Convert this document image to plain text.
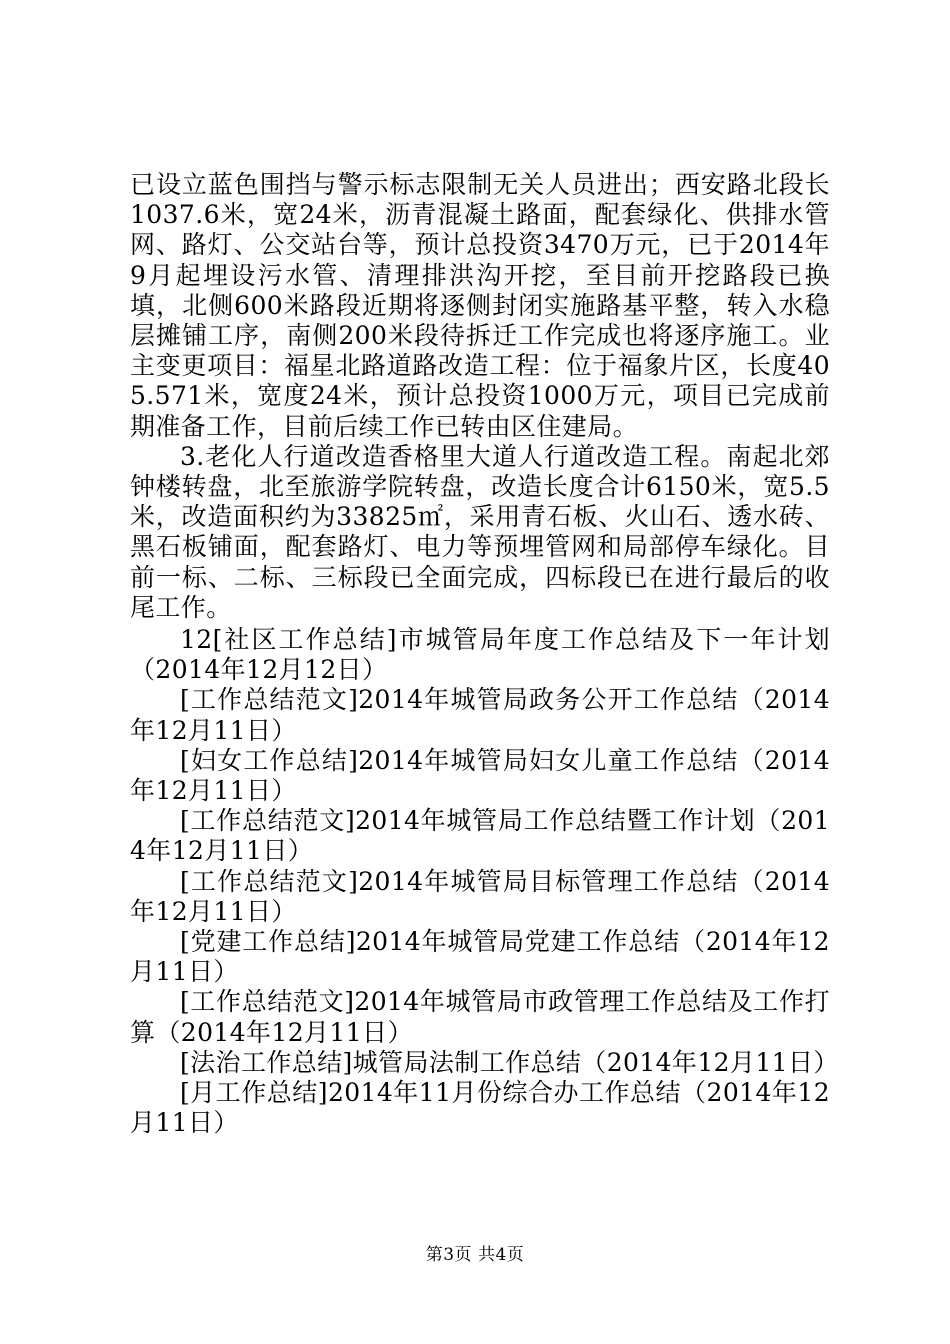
已设立蓝色围挡与警示标志限制无关人员进出；西安路北段长1037.6米，宽24米，沥青混凝土路面，配套绿化、供排水管网、路灯、公交站台等，预计总投资3470万元，已于2014年9月起埋设污水管、清理排洪沟开挖，至目前开挖路段已换填，北侧600米路段近期将逐侧封闭实施路基平整，转入水稳层摊铺工序，南侧200米段待拆迁工作完成也将逐序施工。业主变更项目：福星北路道路改造工程：位于福象片区，长度405.571米，宽度24米，预计总投资1000万元，项目已完成前期准备工作，目前后续工作已转由区住建局。

3.老化人行道改造香格里大道人行道改造工程。南起北郊钟楼转盘，北至旅游学院转盘，改造长度合计6150米，宽5.5米，改造面积约为33825㎡，采用青石板、火山石、透水砖、黑石板铺面，配套路灯、电力等预埋管网和局部停车绿化。目前一标、二标、三标段已全面完成，四标段已在进行最后的收尾工作。

12[社区工作总结]市城管局年度工作总结及下一年计划（2014年12月12日）

[工作总结范文]2014年城管局政务公开工作总结（2014年12月11日）

[妇女工作总结]2014年城管局妇女儿童工作总结（2014年12月11日）

[工作总结范文]2014年城管局工作总结暨工作计划（2014年12月11日）

[工作总结范文]2014年城管局目标管理工作总结（2014年12月11日）

[党建工作总结]2014年城管局党建工作总结（2014年12月11日）

[工作总结范文]2014年城管局市政管理工作总结及工作打算（2014年12月11日）

[法治工作总结]城管局法制工作总结（2014年12月11日）

[月工作总结]2014年11月份综合办工作总结（2014年12月11日）

第3页 共4页
